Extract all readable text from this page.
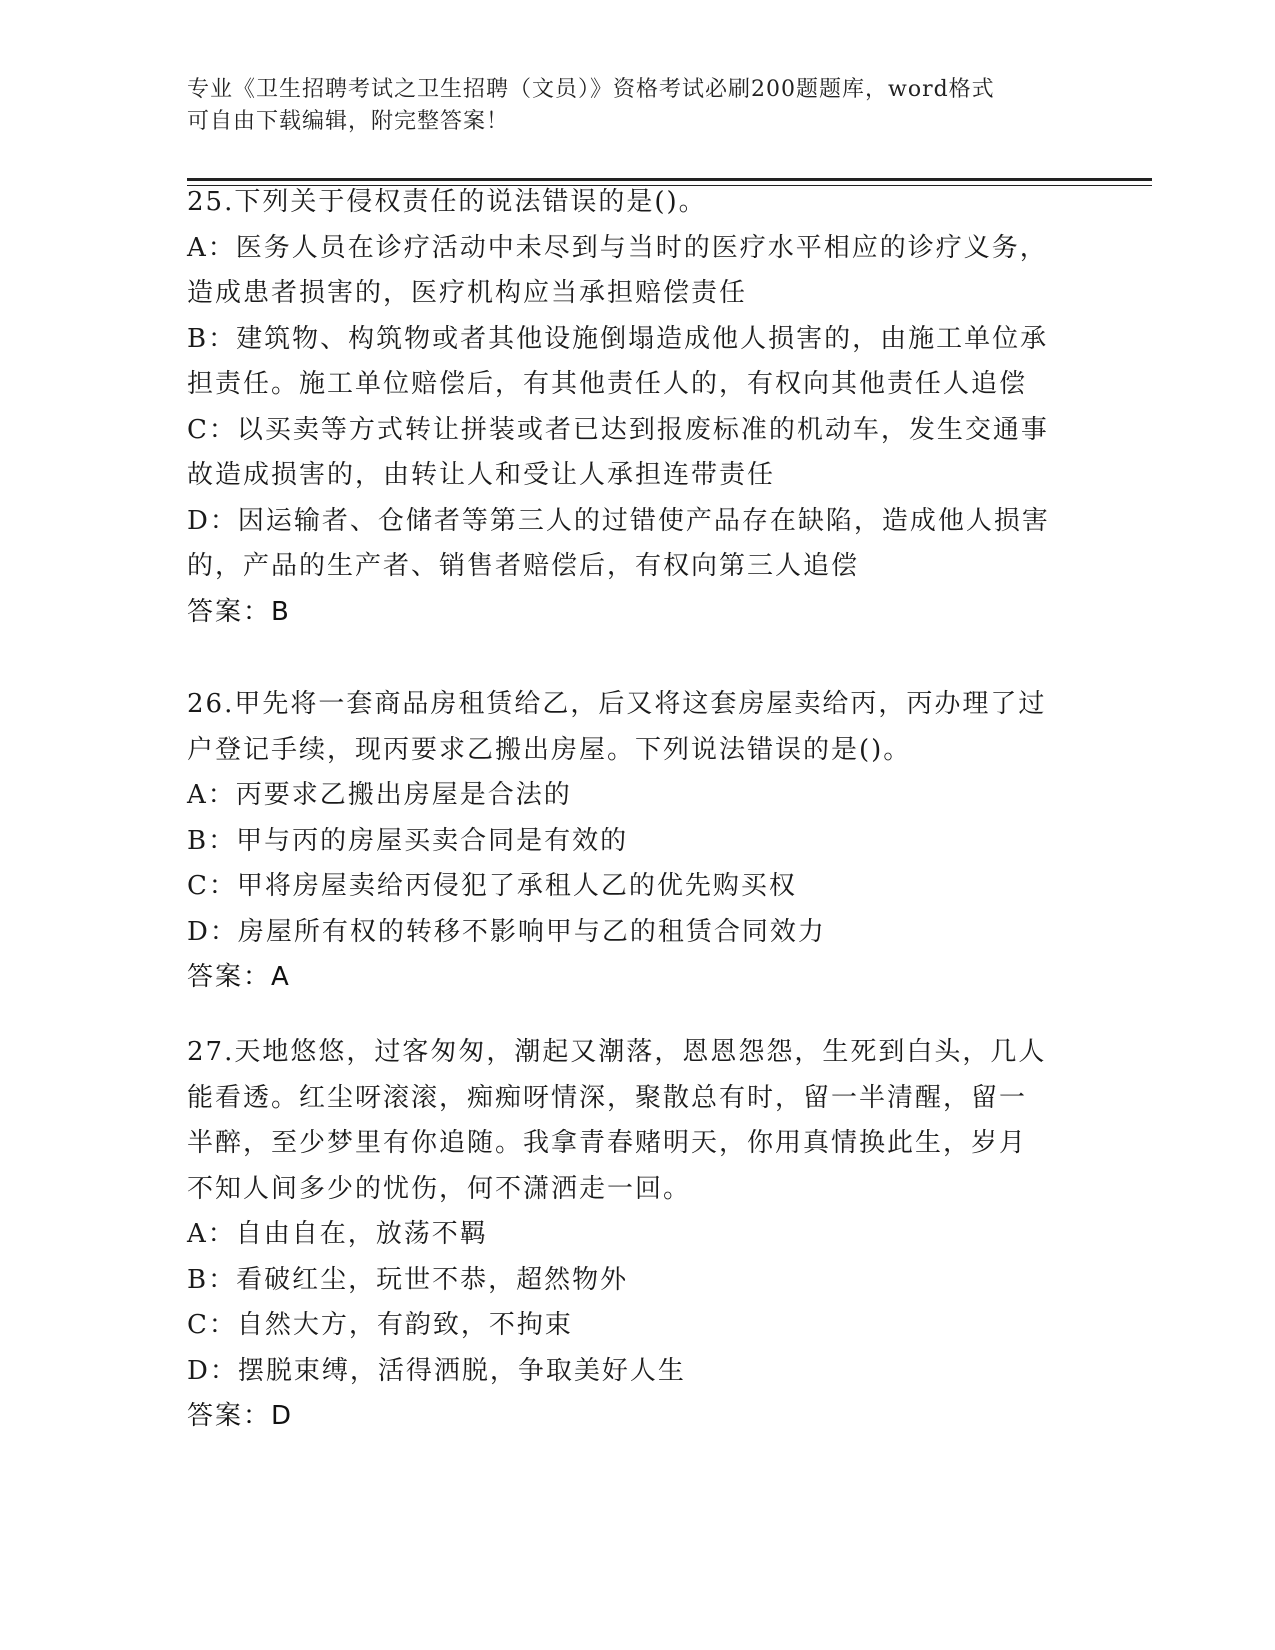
专业《卫生招聘考试之卫生招聘（文员）》资格考试必刷200题题库，word格式
可自由下载编辑，附完整答案！
25.下列关于侵权责任的说法错误的是()。
A：医务人员在诊疗活动中未尽到与当时的医疗水平相应的诊疗义务，
造成患者损害的，医疗机构应当承担赔偿责任
B：建筑物、构筑物或者其他设施倒塌造成他人损害的，由施工单位承
担责任。施工单位赔偿后，有其他责任人的，有权向其他责任人追偿
C：以买卖等方式转让拼装或者已达到报废标准的机动车，发生交通事
故造成损害的，由转让人和受让人承担连带责任
D：因运输者、仓储者等第三人的过错使产品存在缺陷，造成他人损害
的，产品的生产者、销售者赔偿后，有权向第三人追偿
答案：B
26.甲先将一套商品房租赁给乙，后又将这套房屋卖给丙，丙办理了过
户登记手续，现丙要求乙搬出房屋。下列说法错误的是()。
A：丙要求乙搬出房屋是合法的
B：甲与丙的房屋买卖合同是有效的
C：甲将房屋卖给丙侵犯了承租人乙的优先购买权
D：房屋所有权的转移不影响甲与乙的租赁合同效力
答案：A
27.天地悠悠，过客匆匆，潮起又潮落，恩恩怨怨，生死到白头，几人
能看透。红尘呀滚滚，痴痴呀情深，聚散总有时，留一半清醒，留一
半醉，至少梦里有你追随。我拿青春赌明天，你用真情换此生，岁月
不知人间多少的忧伤，何不潇洒走一回。
A：自由自在，放荡不羁
B：看破红尘，玩世不恭，超然物外
C：自然大方，有韵致，不拘束
D：摆脱束缚，活得洒脱，争取美好人生
答案：D
